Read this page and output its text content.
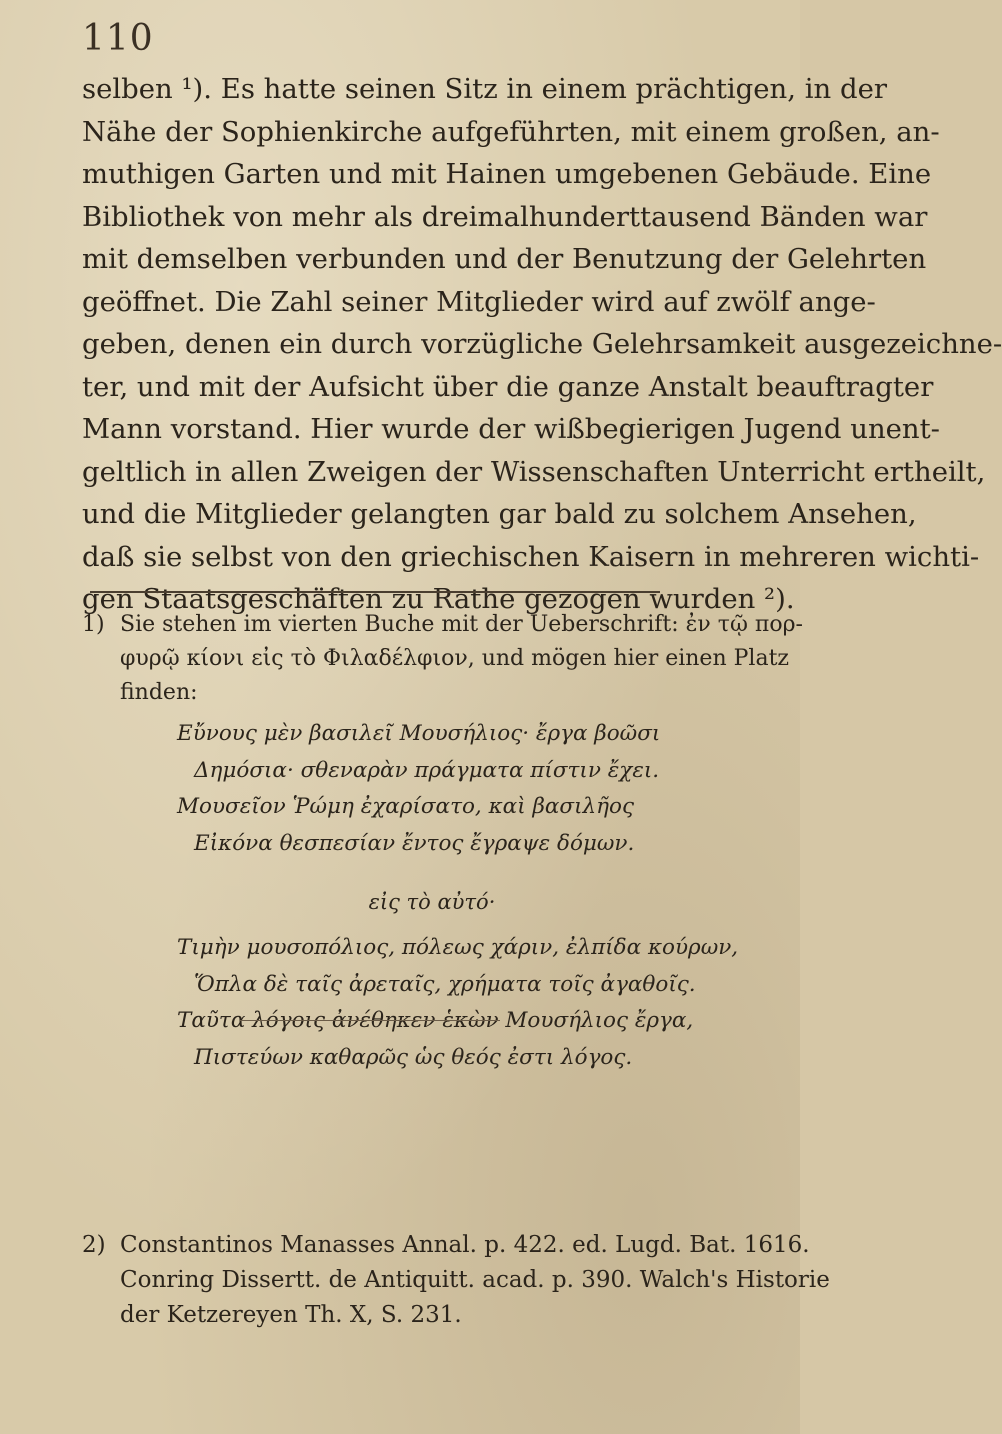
110
selben ¹). Es hatte seinen Sitz in einem prächtigen, in der
Nähe der Sophienkirche aufgeführten, mit einem großen, an-
muthigen Garten und mit Hainen umgebenen Gebäude. Eine
Bibliothek von mehr als dreimalhunderttausend Bänden war
mit demselben verbunden und der Benutzung der Gelehrten
geöffnet. Die Zahl seiner Mitglieder wird auf zwölf ange-
geben, denen ein durch vorzügliche Gelehrsamkeit ausgezeichne-
ter, und mit der Aufsicht über die ganze Anstalt beauftragter
Mann vorstand. Hier wurde der wißbegierigen Jugend unent-
geltlich in allen Zweigen der Wissenschaften Unterricht ertheilt,
und die Mitglieder gelangten gar bald zu solchem Ansehen,
daß sie selbst von den griechischen Kaisern in mehreren wichti-
gen Staatsgeschäften zu Rathe gezogen wurden ²).
1) Sie stehen im vierten Buche mit der Ueberschrift: ἐν τῷ πορ-
φυρῷ κίονι εἰς τὸ Φιλαδέλφιον, und mögen hier einen Platz
finden:
Εὔνους μὲν βασιλεῖ Μουσήλιος· ἔργα βοῶσι
Δημόσια· σθεναρὰν πράγματα πίστιν ἔχει.
Μουσεῖον Ῥώμη ἐχαρίσατο, καὶ βασιλῆος
Εἰκόνα θεσπεσίαν ἔντος ἔγραψε δόμων.
εἰς τὸ αὐτό·
Τιμὴν μουσοπόλιος, πόλεως χάριν, ἐλπίδα κούρων,
Ὅπλα δὲ ταῖς ἀρεταῖς, χρήματα τοῖς ἀγαθοῖς.
Ταῦτα λόγοις ἀνέθηκεν ἑκὼν Μουσήλιος ἔργα,
Πιστεύων καθαρῶς ὡς θεός ἐστι λόγος.
2) Constantinos Manasses Annal. p. 422. ed. Lugd. Bat. 1616.
Conring Dissertt. de Antiquitt. acad. p. 390. Walch's Historie
der Ketzereyen Th. X, S. 231.
